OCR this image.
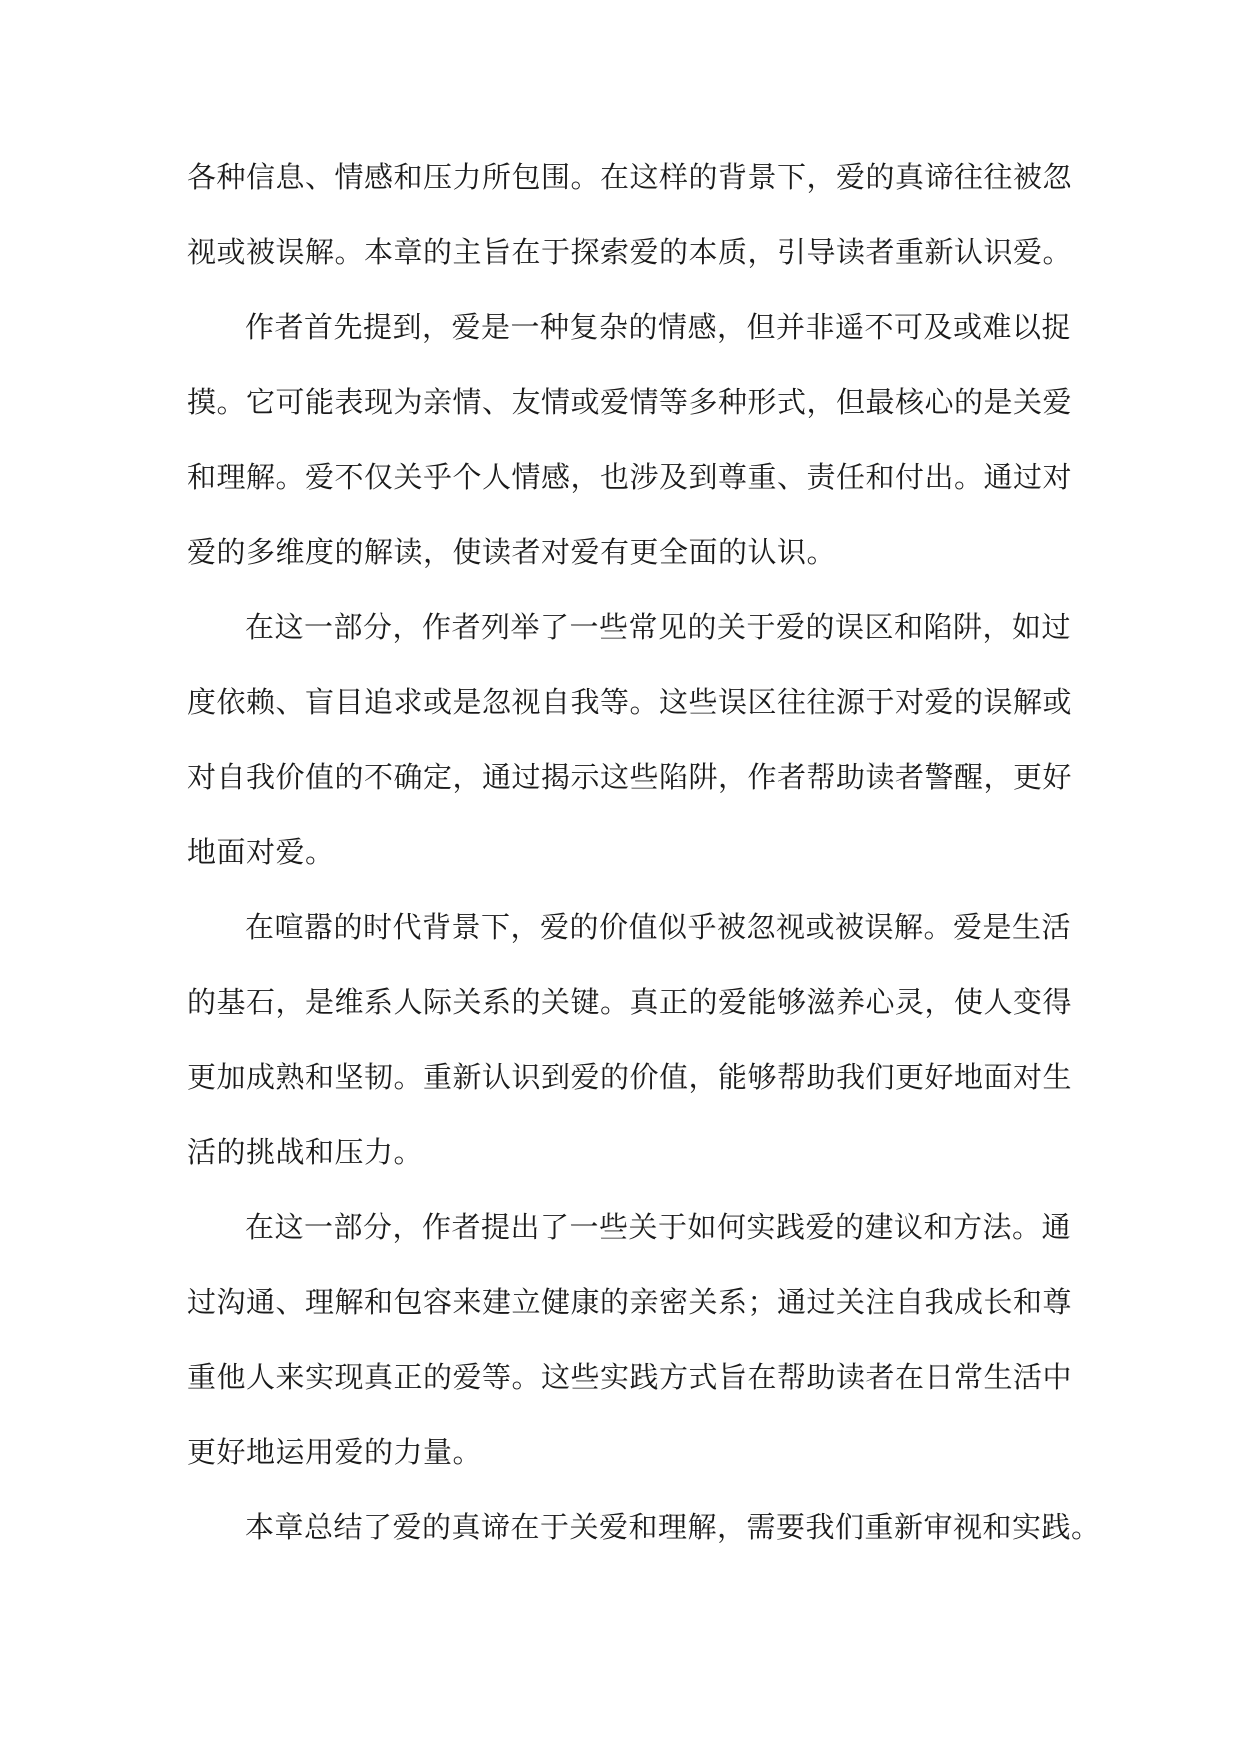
各种信息、情感和压力所包围。在这样的背景下，爱的真谛往往被忽
视或被误解。本章的主旨在于探索爱的本质，引导读者重新认识爱。
作者首先提到，爱是一种复杂的情感，但并非遥不可及或难以捉
摸。它可能表现为亲情、友情或爱情等多种形式，但最核心的是关爱
和理解。爱不仅关乎个人情感，也涉及到尊重、责任和付出。通过对
爱的多维度的解读，使读者对爱有更全面的认识。
在这一部分，作者列举了一些常见的关于爱的误区和陷阱，如过
度依赖、盲目追求或是忽视自我等。这些误区往往源于对爱的误解或
对自我价值的不确定，通过揭示这些陷阱，作者帮助读者警醒，更好
地面对爱。
在喧嚣的时代背景下，爱的价值似乎被忽视或被误解。爱是生活
的基石，是维系人际关系的关键。真正的爱能够滋养心灵，使人变得
更加成熟和坚韧。重新认识到爱的价值，能够帮助我们更好地面对生
活的挑战和压力。
在这一部分，作者提出了一些关于如何实践爱的建议和方法。通
过沟通、理解和包容来建立健康的亲密关系；通过关注自我成长和尊
重他人来实现真正的爱等。这些实践方式旨在帮助读者在日常生活中
更好地运用爱的力量。
本章总结了爱的真谛在于关爱和理解，需要我们重新审视和实践。
